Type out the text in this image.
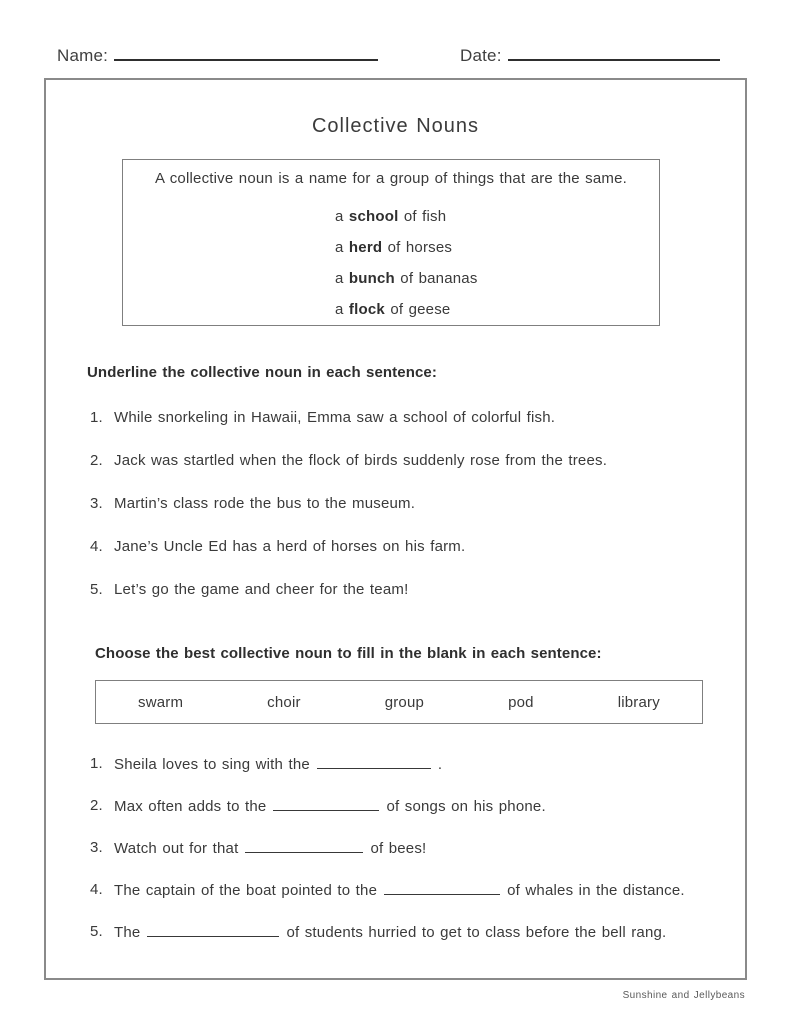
Name:	Date:
Collective Nouns

A collective noun is a name for a group of things that are the same.

a school of fish
a herd of horses
a bunch of bananas
a flock of geese

Underline the collective noun in each sentence:

1. While snorkeling in Hawaii, Emma saw a school of colorful fish.
2. Jack was startled when the flock of birds suddenly rose from the trees.
3. Martin’s class rode the bus to the museum.
4. Jane’s Uncle Ed has a herd of horses on his farm.
5. Let’s go the game and cheer for the team!

Choose the best collective noun to fill in the blank in each sentence:

swarm	choir	group	pod	library
1. Sheila loves to sing with the	.
2. Max often adds to the	of songs on his phone.
3. Watch out for that	of bees!
4. The captain of the boat pointed to the	of whales in the distance.
5. The	of students hurried to get to class before the bell rang.
Sunshine and Jellybeans
